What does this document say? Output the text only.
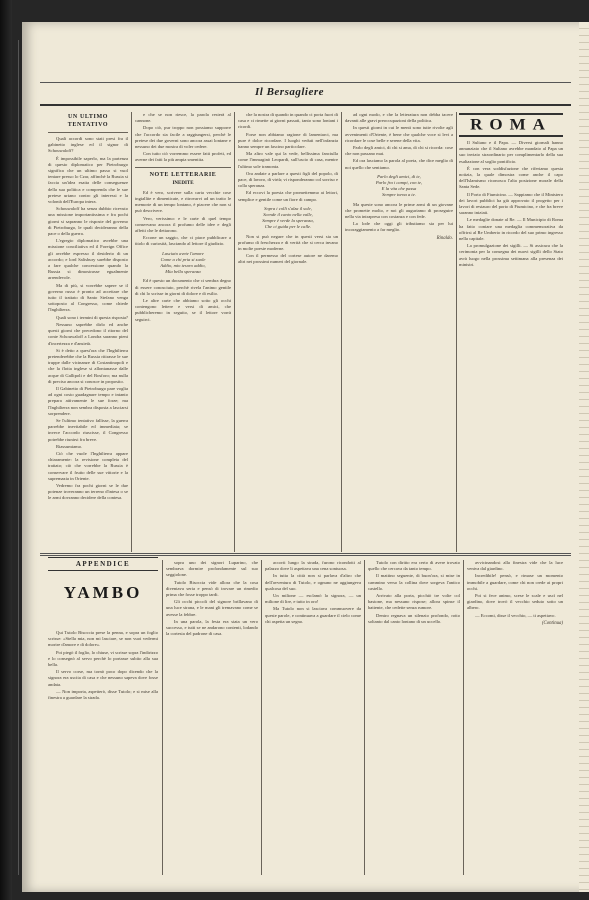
Il Bersagliere
UN ULTIMO TENTATIVO

Quali accordi sono stati presi fra il gabinetto inglese ed il signor di Schouwaloff?

È impossibile saperlo, ma la partenza di questo diplomatico per Pietroburgo significa che un ultimo passo si vuol tentare presso lo Czar, affinchè la Russia si faccia un'idea esatta delle conseguenze della sua politica e comprenda che le sue pretese urtano contro gli interessi e la volontà dell'Europa intera.

Schouwaloff ha senza dubbio ricevuto una missione importantissima e fra pochi giorni si sapranno le risposte del governo di Pietroburgo, le quali decideranno della pace o della guerra.

L'egregio diplomatico avrebbe una missione conciliativa ed il Foreign Office gli avrebbe espresso il desiderio di un accordo; e lord Salisbury sarebbe disposto a fare qualche concessione quando la Russia si dimostrasse egualmente arrendevole.

Ma di più, si vorrebbe sapere se il governo russo è pronto ad accettare che tutto il trattato di Santo Stefano venga sottoposto al Congresso, come chiede l'Inghilterra.

Quali sono i termini di questa risposta?

Nessuno saprebbe dirlo ed anche questi giorni che precedono il ritorno del conte Schouwaloff a Londra saranno pieni d'incertezza e d'ansietà.

Si è detto a quest'ora che l'Inghilterra pretenderebbe che la Russia ritirasse le sue truppe dalle vicinanze di Costantinopoli e che la flotta inglese si allontanasse dalle acque di Gallipoli e del Bosforo; ma nulla di preciso ancora si conosce in proposito.

Il Gabinetto di Pietroburgo pare voglia ad ogni costo guadagnare tempo e intanto prepara attivamente le sue forze; ma l'Inghilterra non sembra disposta a lasciarsi sorprendere.

Se l'ultimo tentativo fallisse, la guerra parrebbe inevitabile ed immediata; se invece l'accordo riuscisse, il Congresso potrebbe riunirsi fra breve.

Riassumiamo.

Ciò che vuole l'Inghilterra appare chiaramente: la revisione completa del trattato; ciò che vorrebbe la Russia è conservare il frutto delle sue vittorie e la supremazia in Oriente.

Vedremo fra pochi giorni se le due potenze troveranno un terreno d'intesa o se le armi dovranno decidere della contesa.

e che se non riesce, la parola resterà al cannone.

Dopo ciò, pur troppo non possiamo supporre che l'accordo sia facile a raggiungersi, perchè le pretese dei due governi sono ancora assai lontane e nessuno dei due mostra di voler cedere.

Con tutto ciò vorremmo essere fatti profeti, ed averne dei fatti la più ampia smentita.

NOTE LETTERARIE
INEDITE

Ed è vero, scrivere sulla carta vecchie cose ingiallite e dimenticate, e ritrovarvi ad un tratto le memorie di un tempo lontano, è piacere che non si può descrivere.

Vero, verissimo: e le carte di quel tempo conservano ancora il profumo delle idee e degli affetti che le dettarono.

Eccone un saggio, che ci piace pubblicare a titolo di curiosità, lasciando al lettore il giudizio.

Lasciato avete l'amore
Come a chi pria si suole
Addio, mio tesoro addio,
Mia bella speranza

Ed è questo un documento che ci sembra degno di essere conosciuto, perchè rivela l'animo gentile di chi lo scrisse in giorni di dolore e di esilio.

Le altre carte che abbiamo sotto gli occhi contengono lettere e versi di amici, che pubblicheremo in seguito, se il lettore vorrà seguirci.

che la nostra di quando in quando ci porta fuori di casa e ci rimette ai giorni passati, tanto sono lontani i ricordi.

Forse non abbiamo ragione di lamentarci, ma pure è dolce ricordare. I luoghi veduti nell'infanzia hanno sempre un fascino particolare.

Ma altro vale qui la vede, bellissima fanciulla come l'immaginò Leopardi, sull'uscio di casa, mentre l'ultimo sole tramonta.

Ora andate a parlare a questi figli del popolo, di pace, di lavoro, di virtù; vi risponderanno col sorriso e colla speranza.

Ed eccovi la poesia che promettemmo ai lettori, semplice e gentile come un fiore di campo.

Sopra i colli s'alza il sole,
Scende il canto nella valle,
Sempre è verde la speranza,
Che ci guida per le calle.

Non si può negare che in questi versi sia un profumo di freschezza e di verità che si cerca invano in molte poesie moderne.

Con il permesso del cortese autore ne daremo altri nei prossimi numeri del giornale.

ad ogni modo, e che la letteratura non debba tacere davanti alle gravi preoccupazioni della politica.

In questi giorni in cui le menti sono tutte rivolte agli avvenimenti d'Oriente, è bene che qualche voce si levi a ricordare le cose belle e serene della vita.

Parlo degli amici, di chi si ama, di chi si ricorda: cose che non passano mai.

Ed ora lasciamo la parola al poeta, che dice meglio di noi quello che sentiamo.

Parlo degli amici, di te,
Parlo fra i campi, con te,
E la vita che passa
Sempre torna a te.

Ma queste sono ancora le prime armi di un giovane che promette molto, e noi gli auguriamo di proseguire nella via intrapresa con costanza e con fede.

La lode che oggi gli tributiamo sia per lui incoraggiamento a far meglio.

Rinaldo.
ROMA

Il Sultano e il Papa. — Diversi giornali hanno annunziato che il Sultano avrebbe mandato al Papa un suo inviato straordinario per complimentarlo della sua esaltazione al soglio pontificio.

È con vera soddisfazione che riferiamo questa notizia, la quale dimostra come anche il capo dell'Islamismo riconosca l'alta posizione morale della Santa Sede.

Il Porto di Fiumicino. — Sappiamo che il Ministero dei lavori pubblici ha già approvato il progetto per i lavori di restauro del porto di Fiumicino, e che fra breve saranno iniziati.

Le medaglie donate al Re. — Il Municipio di Roma ha fatto coniare una medaglia commemorativa da offrirsi al Re Umberto in ricordo del suo primo ingresso nella capitale.

La promulgazione dei sigilli. — Si assicura che la cerimonia per la consegna dei nuovi sigilli dello Stato avrà luogo nella prossima settimana alla presenza dei ministri.

APPENDICE
YAMBO

Qui Tutolo Bisoccia prese la penna, e sopra un foglio scrisse: «Stella mia, non mi lasciare, se non vuoi vedermi morire d'amore e di dolore».

Poi piegò il foglio, lo chiuse, vi scrisse sopra l'indirizzo e lo consegnò al servo perchè lo portasse subito alla sua bella.

Il servo corse, ma tornò poco dopo dicendo che la signora era uscita di casa e che nessuno sapeva dove fosse andata.

— Non importa, aspetterò, disse Tutolo; e si mise alla finestra a guardare la strada.

sopra uno dei signori Luparino, che sembrava dormire profondamente sul suo seggiolone.

Tutolo Bisoccia vide allora che la cosa diventava seria e pensò di trovare un rimedio prima che fosse troppo tardi.

Gli occhi piccoli del signore brillavano di una luce strana, e le mani gli tremavano come se avesse la febbre.

In una parola, la festa era stata un vero successo, e tutti se ne andarono contenti, lodando la cortesia del padrone di casa.

accorti lungo la strada, furono ricondotti al palazzo dove li aspettava una cena sontuosa.

In tutta la città non si parlava d'altro che dell'avventura di Tutolo, e ognuno ne aggiungeva qualcosa del suo.

Un milione — esclamò la signora, — un milione di lire, e tutto in oro!

Ma Tutolo non si lasciava commuovere da queste parole, e continuava a guardare il cielo come chi aspetta un segno.

Tutolo con diritto era certo di avere trovato quello che cercava da tanto tempo.

Il mattino seguente, di buon'ora, si mise in cammino verso la collina dove sorgeva l'antico castello.

Arrivato alla porta, picchiò tre volte col bastone, ma nessuno rispose; allora spinse il battente, che cedette senza rumore.

Dentro regnava un silenzio profondo, rotto soltanto dal canto lontano di un uccello.

avvicinandosi alla finestra vide che la luce veniva dal giardino.

Incredibile! pensò, e rimase un momento immobile a guardare, come chi non crede ai propri occhi.

Poi si fece animo, scese le scale e uscì nel giardino, dove trovò il vecchio seduto sotto un albero.

— Eccomi, disse il vecchio, — ti aspettavo.

(Continua)
